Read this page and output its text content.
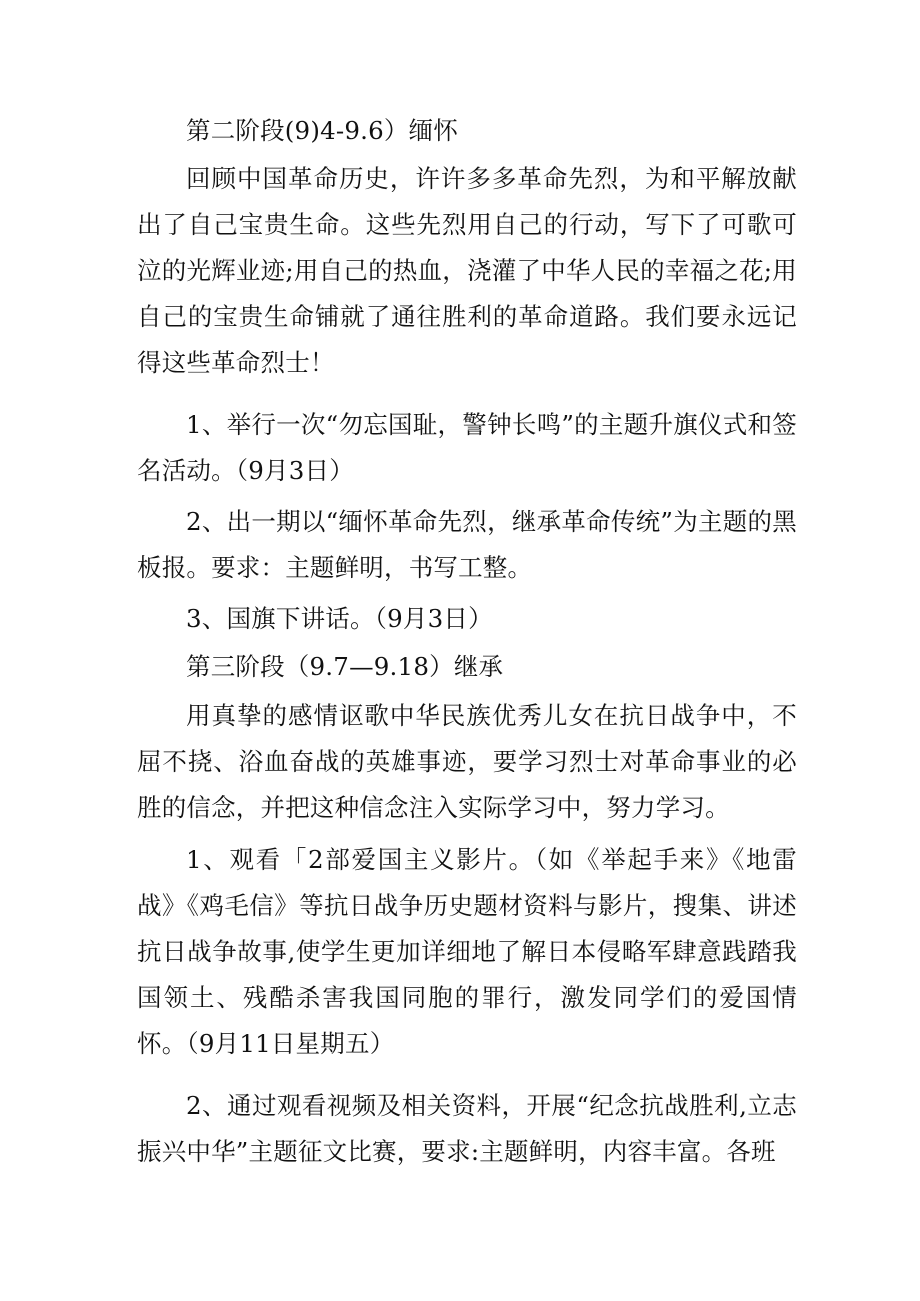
第二阶段(9)4-9.6）缅怀

回顾中国革命历史，许许多多革命先烈，为和平解放献出了自己宝贵生命。这些先烈用自己的行动，写下了可歌可泣的光辉业迹;用自己的热血，浇灌了中华人民的幸福之花;用自己的宝贵生命铺就了通往胜利的革命道路。我们要永远记得这些革命烈士！

1、举行一次“勿忘国耻，警钟长鸣”的主题升旗仪式和签名活动。（9月3日）

2、出一期以“缅怀革命先烈，继承革命传统”为主题的黑板报。要求：主题鲜明，书写工整。

3、国旗下讲话。（9月3日）

第三阶段（9.7—9.18）继承

用真挚的感情讴歌中华民族优秀儿女在抗日战争中，不屈不挠、浴血奋战的英雄事迹，要学习烈士对革命事业的必胜的信念，并把这种信念注入实际学习中，努力学习。

1、观看「2部爱国主义影片。（如《举起手来》《地雷战》《鸡毛信》等抗日战争历史题材资料与影片，搜集、讲述抗日战争故事,使学生更加详细地了解日本侵略军肆意践踏我国领土、残酷杀害我国同胞的罪行，激发同学们的爱国情怀。（9月11日星期五）

2、通过观看视频及相关资料，开展“纪念抗战胜利,立志振兴中华”主题征文比赛，要求:主题鲜明，内容丰富。各班
